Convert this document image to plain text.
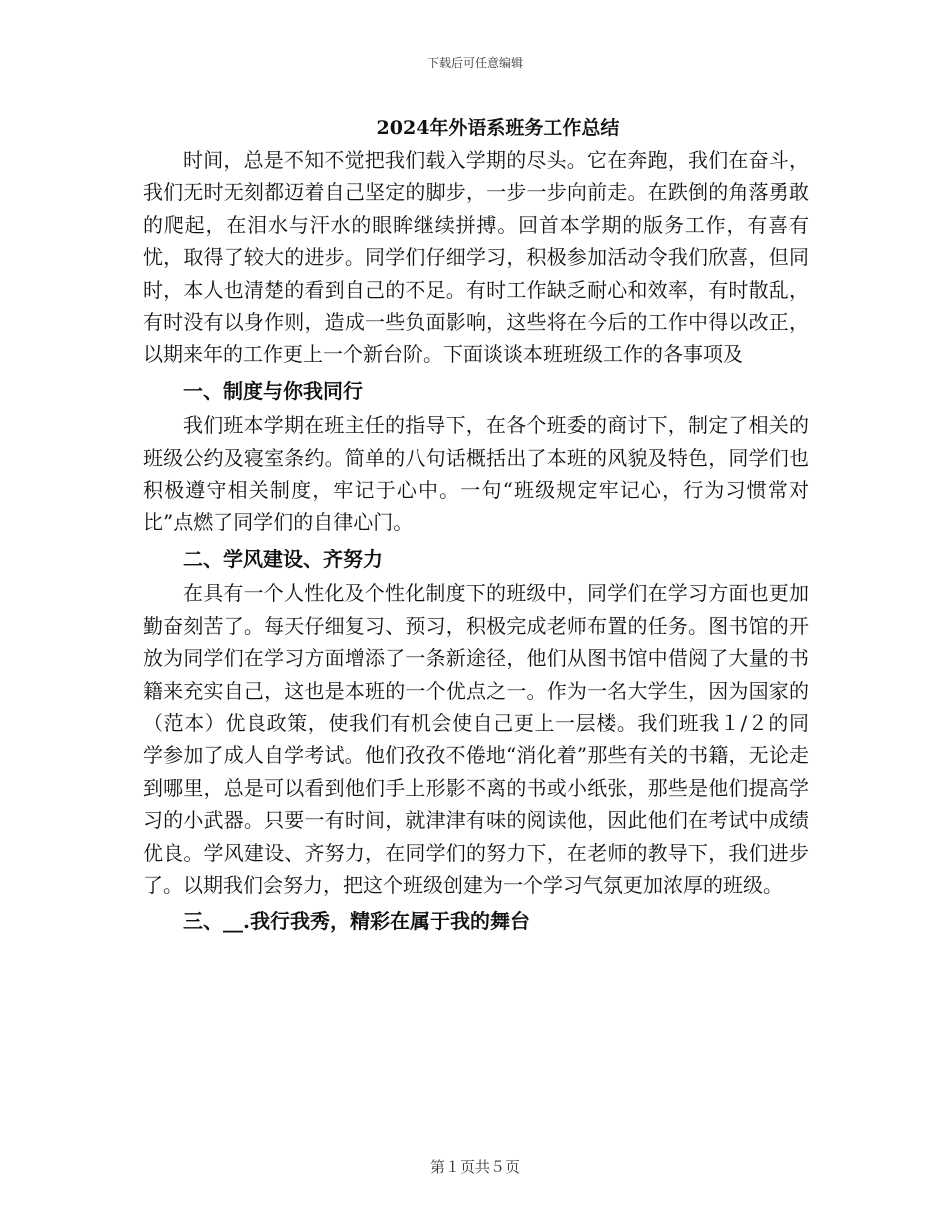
下载后可任意编辑
2024年外语系班务工作总结

时间，总是不知不觉把我们载入学期的尽头。它在奔跑，我们在奋斗，我们无时无刻都迈着自己坚定的脚步，一步一步向前走。在跌倒的角落勇敢的爬起，在泪水与汗水的眼眸继续拼搏。回首本学期的版务工作，有喜有忧，取得了较大的进步。同学们仔细学习，积极参加活动令我们欣喜，但同时，本人也清楚的看到自己的不足。有时工作缺乏耐心和效率，有时散乱，有时没有以身作则，造成一些负面影响，这些将在今后的工作中得以改正，以期来年的工作更上一个新台阶。下面谈谈本班班级工作的各事项及

一、制度与你我同行

我们班本学期在班主任的指导下，在各个班委的商讨下，制定了相关的班级公约及寝室条约。简单的八句话概括出了本班的风貌及特色，同学们也积极遵守相关制度，牢记于心中。一句“班级规定牢记心，行为习惯常对比”点燃了同学们的自律心门。

二、学风建设、齐努力

在具有一个人性化及个性化制度下的班级中，同学们在学习方面也更加勤奋刻苦了。每天仔细复习、预习，积极完成老师布置的任务。图书馆的开放为同学们在学习方面增添了一条新途径，他们从图书馆中借阅了大量的书籍来充实自己，这也是本班的一个优点之一。作为一名大学生，因为国家的（范本）优良政策，使我们有机会使自己更上一层楼。我们班我１/２的同学参加了成人自学考试。他们孜孜不倦地“消化着”那些有关的书籍，无论走到哪里，总是可以看到他们手上形影不离的书或小纸张，那些是他们提高学习的小武器。只要一有时间，就津津有味的阅读他，因此他们在考试中成绩优良。学风建设、齐努力，在同学们的努力下，在老师的教导下，我们进步了。以期我们会努力，把这个班级创建为一个学习气氛更加浓厚的班级。

三、__.我行我秀，精彩在属于我的舞台
第１页共５页
